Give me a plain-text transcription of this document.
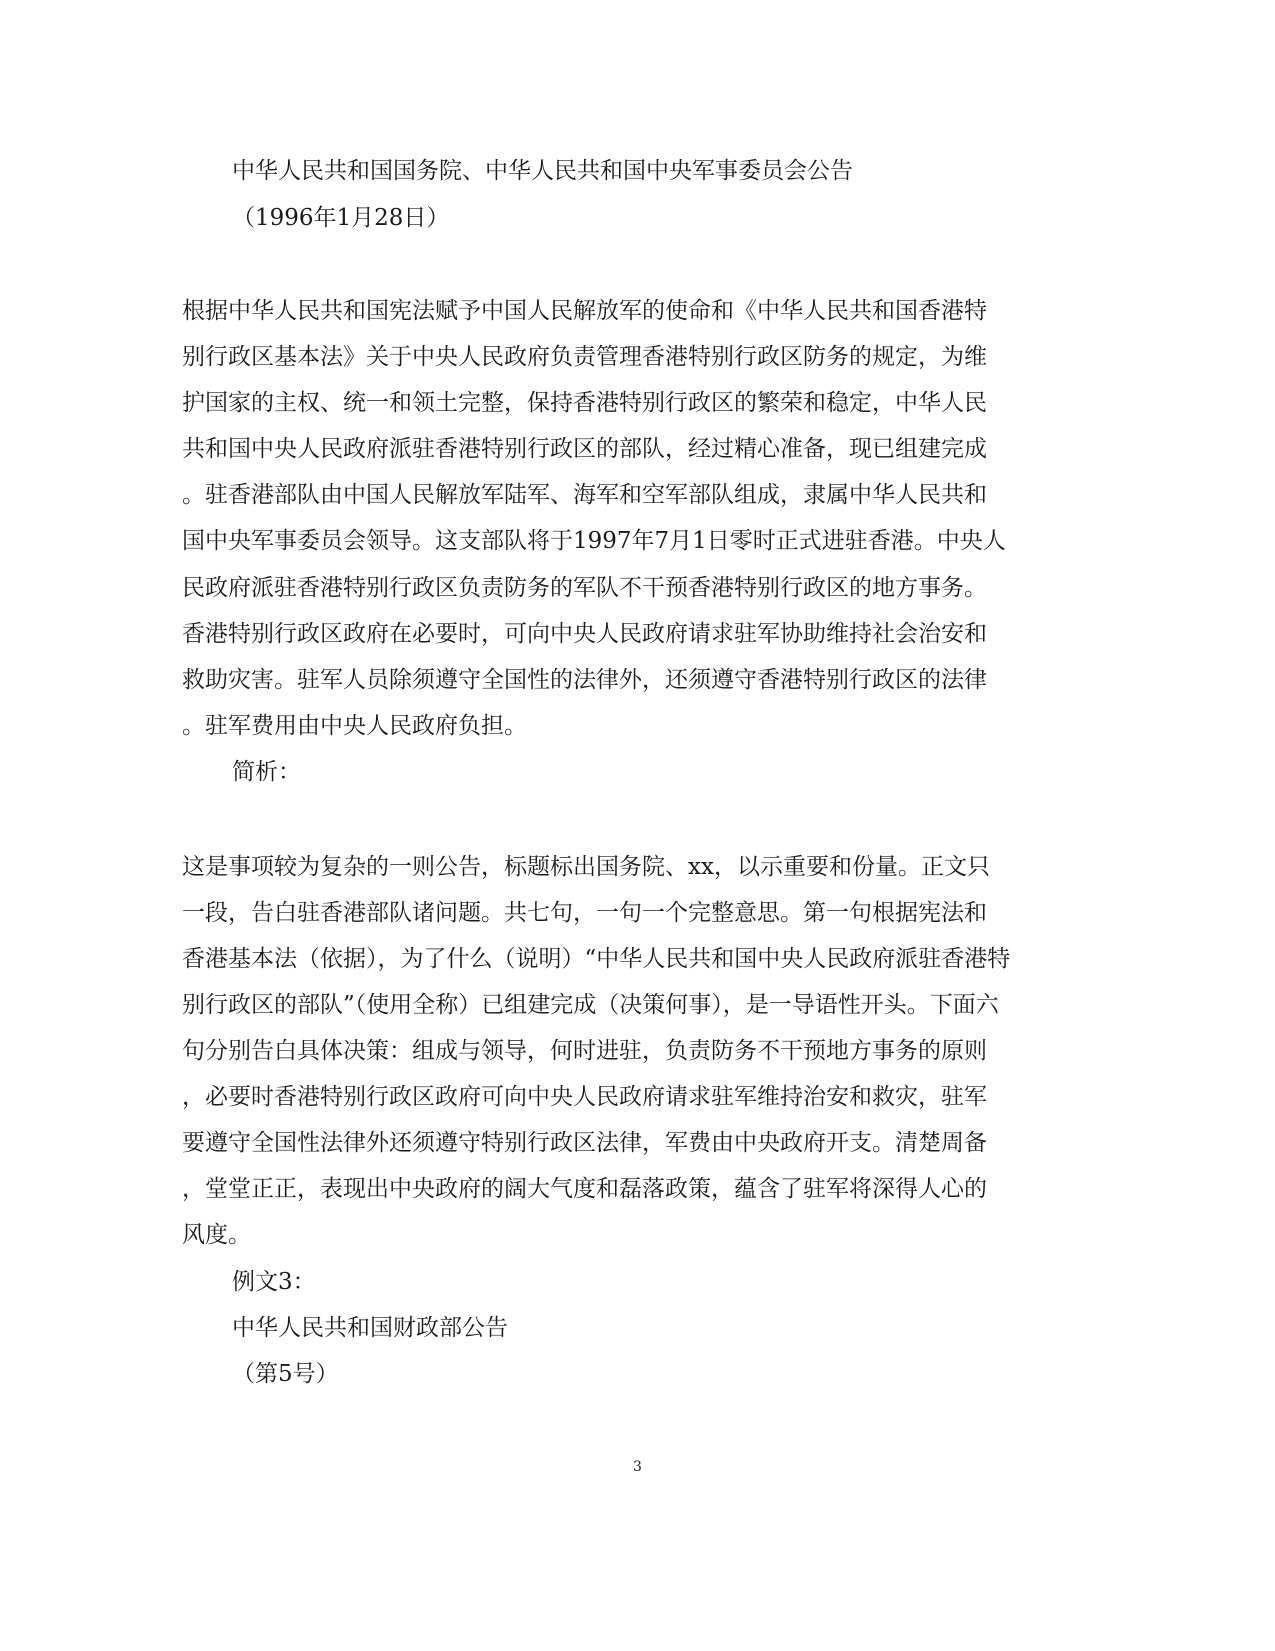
中华人民共和国国务院、中华人民共和国中央军事委员会公告

（1996年1月28日）

根据中华人民共和国宪法赋予中国人民解放军的使命和《中华人民共和国香港特

别行政区基本法》关于中央人民政府负责管理香港特别行政区防务的规定，为维

护国家的主权、统一和领土完整，保持香港特别行政区的繁荣和稳定，中华人民

共和国中央人民政府派驻香港特别行政区的部队，经过精心准备，现已组建完成

。驻香港部队由中国人民解放军陆军、海军和空军部队组成，隶属中华人民共和

国中央军事委员会领导。这支部队将于1997年7月1日零时正式进驻香港。中央人

民政府派驻香港特别行政区负责防务的军队不干预香港特别行政区的地方事务。

香港特别行政区政府在必要时，可向中央人民政府请求驻军协助维持社会治安和

救助灾害。驻军人员除须遵守全国性的法律外，还须遵守香港特别行政区的法律

。驻军费用由中央人民政府负担。

简析：

这是事项较为复杂的一则公告，标题标出国务院、xx，以示重要和份量。正文只

一段，告白驻香港部队诸问题。共七句，一句一个完整意思。第一句根据宪法和

香港基本法（依据），为了什么（说明）“中华人民共和国中央人民政府派驻香港特

别行政区的部队”（使用全称）已组建完成（决策何事），是一导语性开头。下面六

句分别告白具体决策：组成与领导，何时进驻，负责防务不干预地方事务的原则

，必要时香港特别行政区政府可向中央人民政府请求驻军维持治安和救灾，驻军

要遵守全国性法律外还须遵守特别行政区法律，军费由中央政府开支。清楚周备

，堂堂正正，表现出中央政府的阔大气度和磊落政策，蕴含了驻军将深得人心的

风度。

例文3：

中华人民共和国财政部公告

（第5号）

3
